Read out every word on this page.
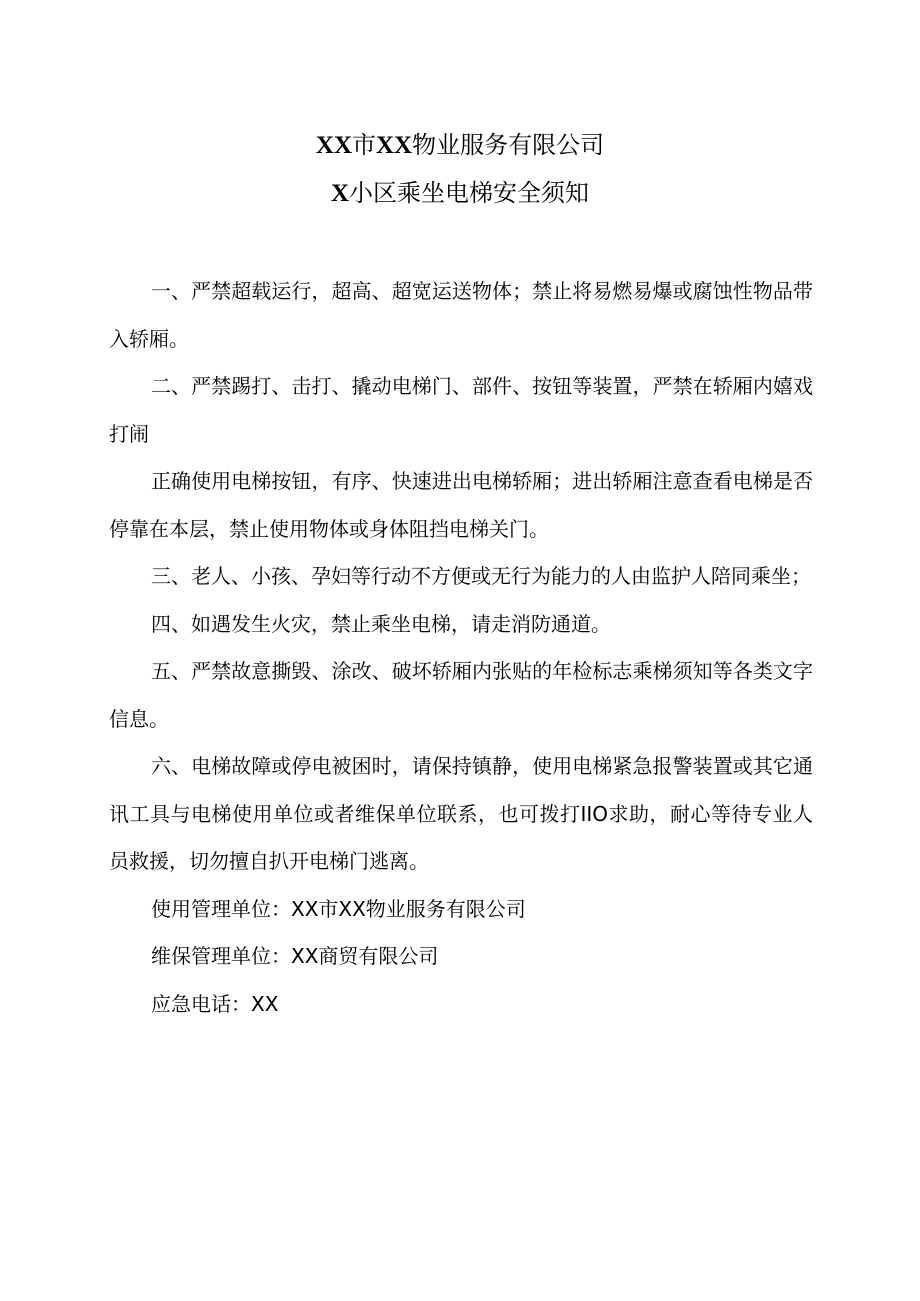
XX市XX物业服务有限公司
X小区乘坐电梯安全须知

一、严禁超载运行，超高、超宽运送物体；禁止将易燃易爆或腐蚀性物品带入轿厢。

二、严禁踢打、击打、撬动电梯门、部件、按钮等装置，严禁在轿厢内嬉戏打闹

正确使用电梯按钮，有序、快速进出电梯轿厢；进出轿厢注意查看电梯是否停靠在本层，禁止使用物体或身体阻挡电梯关门。

三、老人、小孩、孕妇等行动不方便或无行为能力的人由监护人陪同乘坐；

四、如遇发生火灾，禁止乘坐电梯，请走消防通道。

五、严禁故意撕毁、涂改、破坏轿厢内张贴的年检标志乘梯须知等各类文字信息。

六、电梯故障或停电被困时，请保持镇静，使用电梯紧急报警装置或其它通讯工具与电梯使用单位或者维保单位联系，也可拨打IIO求助，耐心等待专业人员救援，切勿擅自扒开电梯门逃离。

使用管理单位：XX市XX物业服务有限公司

维保管理单位：XX商贸有限公司

应急电话：XX
